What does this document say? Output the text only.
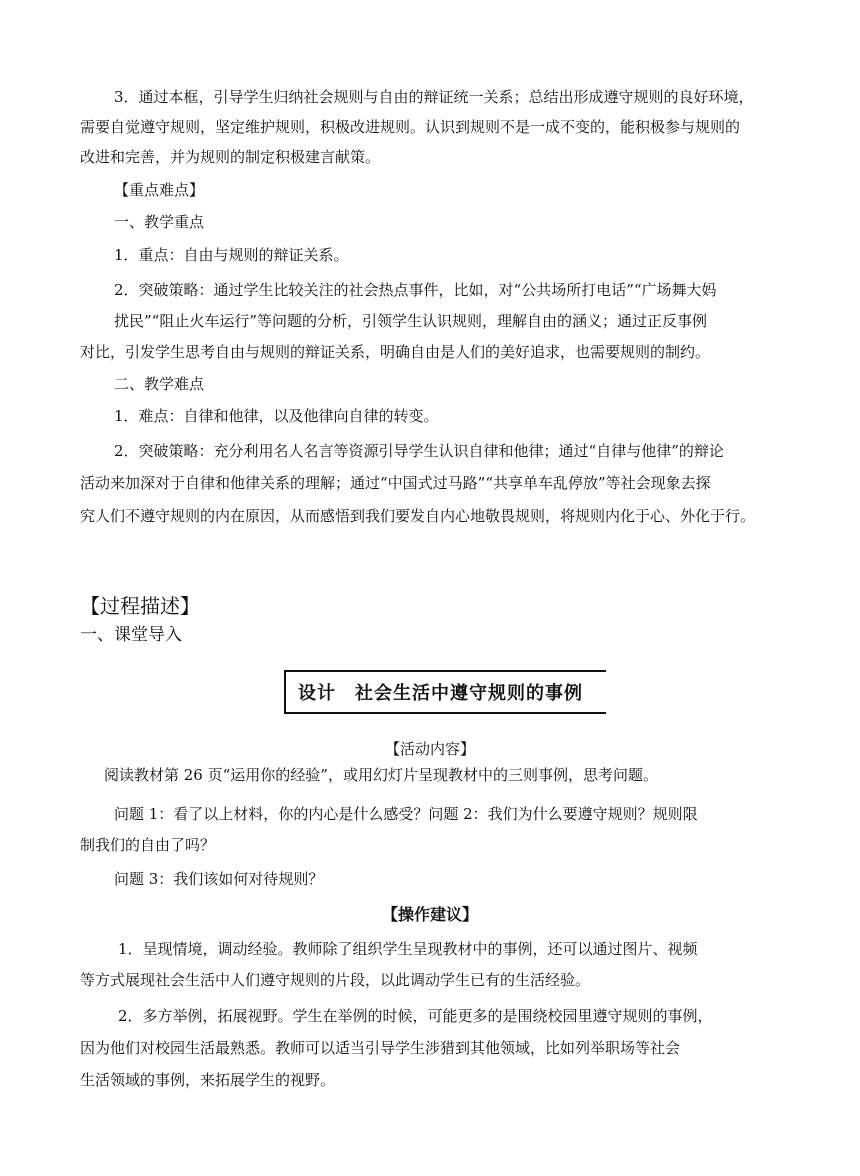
3．通过本框，引导学生归纳社会规则与自由的辩证统一关系；总结出形成遵守规则的良好环境，

需要自觉遵守规则，坚定维护规则，积极改进规则。认识到规则不是一成不变的，能积极参与规则的

改进和完善，并为规则的制定积极建言献策。

【重点难点】

一、教学重点

1．重点：自由与规则的辩证关系。

2．突破策略：通过学生比较关注的社会热点事件，比如，对“公共场所打电话”“广场舞大妈

扰民”“阻止火车运行”等问题的分析，引领学生认识规则，理解自由的涵义；通过正反事例

对比，引发学生思考自由与规则的辩证关系，明确自由是人们的美好追求，也需要规则的制约。

二、教学难点

1．难点：自律和他律，以及他律向自律的转变。

2．突破策略：充分利用名人名言等资源引导学生认识自律和他律；通过“自律与他律”的辩论

活动来加深对于自律和他律关系的理解；通过“中国式过马路”“共享单车乱停放”等社会现象去探

究人们不遵守规则的内在原因，从而感悟到我们要发自内心地敬畏规则，将规则内化于心、外化于行。

【过程描述】

一、课堂导入

设计　社会生活中遵守规则的事例

【活动内容】

阅读教材第 26 页“运用你的经验”，或用幻灯片呈现教材中的三则事例，思考问题。

问题 1：看了以上材料，你的内心是什么感受？问题 2：我们为什么要遵守规则？规则限

制我们的自由了吗？

问题 3：我们该如何对待规则？

【操作建议】

1．呈现情境，调动经验。教师除了组织学生呈现教材中的事例，还可以通过图片、视频

等方式展现社会生活中人们遵守规则的片段，以此调动学生已有的生活经验。

2．多方举例，拓展视野。学生在举例的时候，可能更多的是围绕校园里遵守规则的事例，

因为他们对校园生活最熟悉。教师可以适当引导学生涉猎到其他领域，比如列举职场等社会

生活领域的事例，来拓展学生的视野。
